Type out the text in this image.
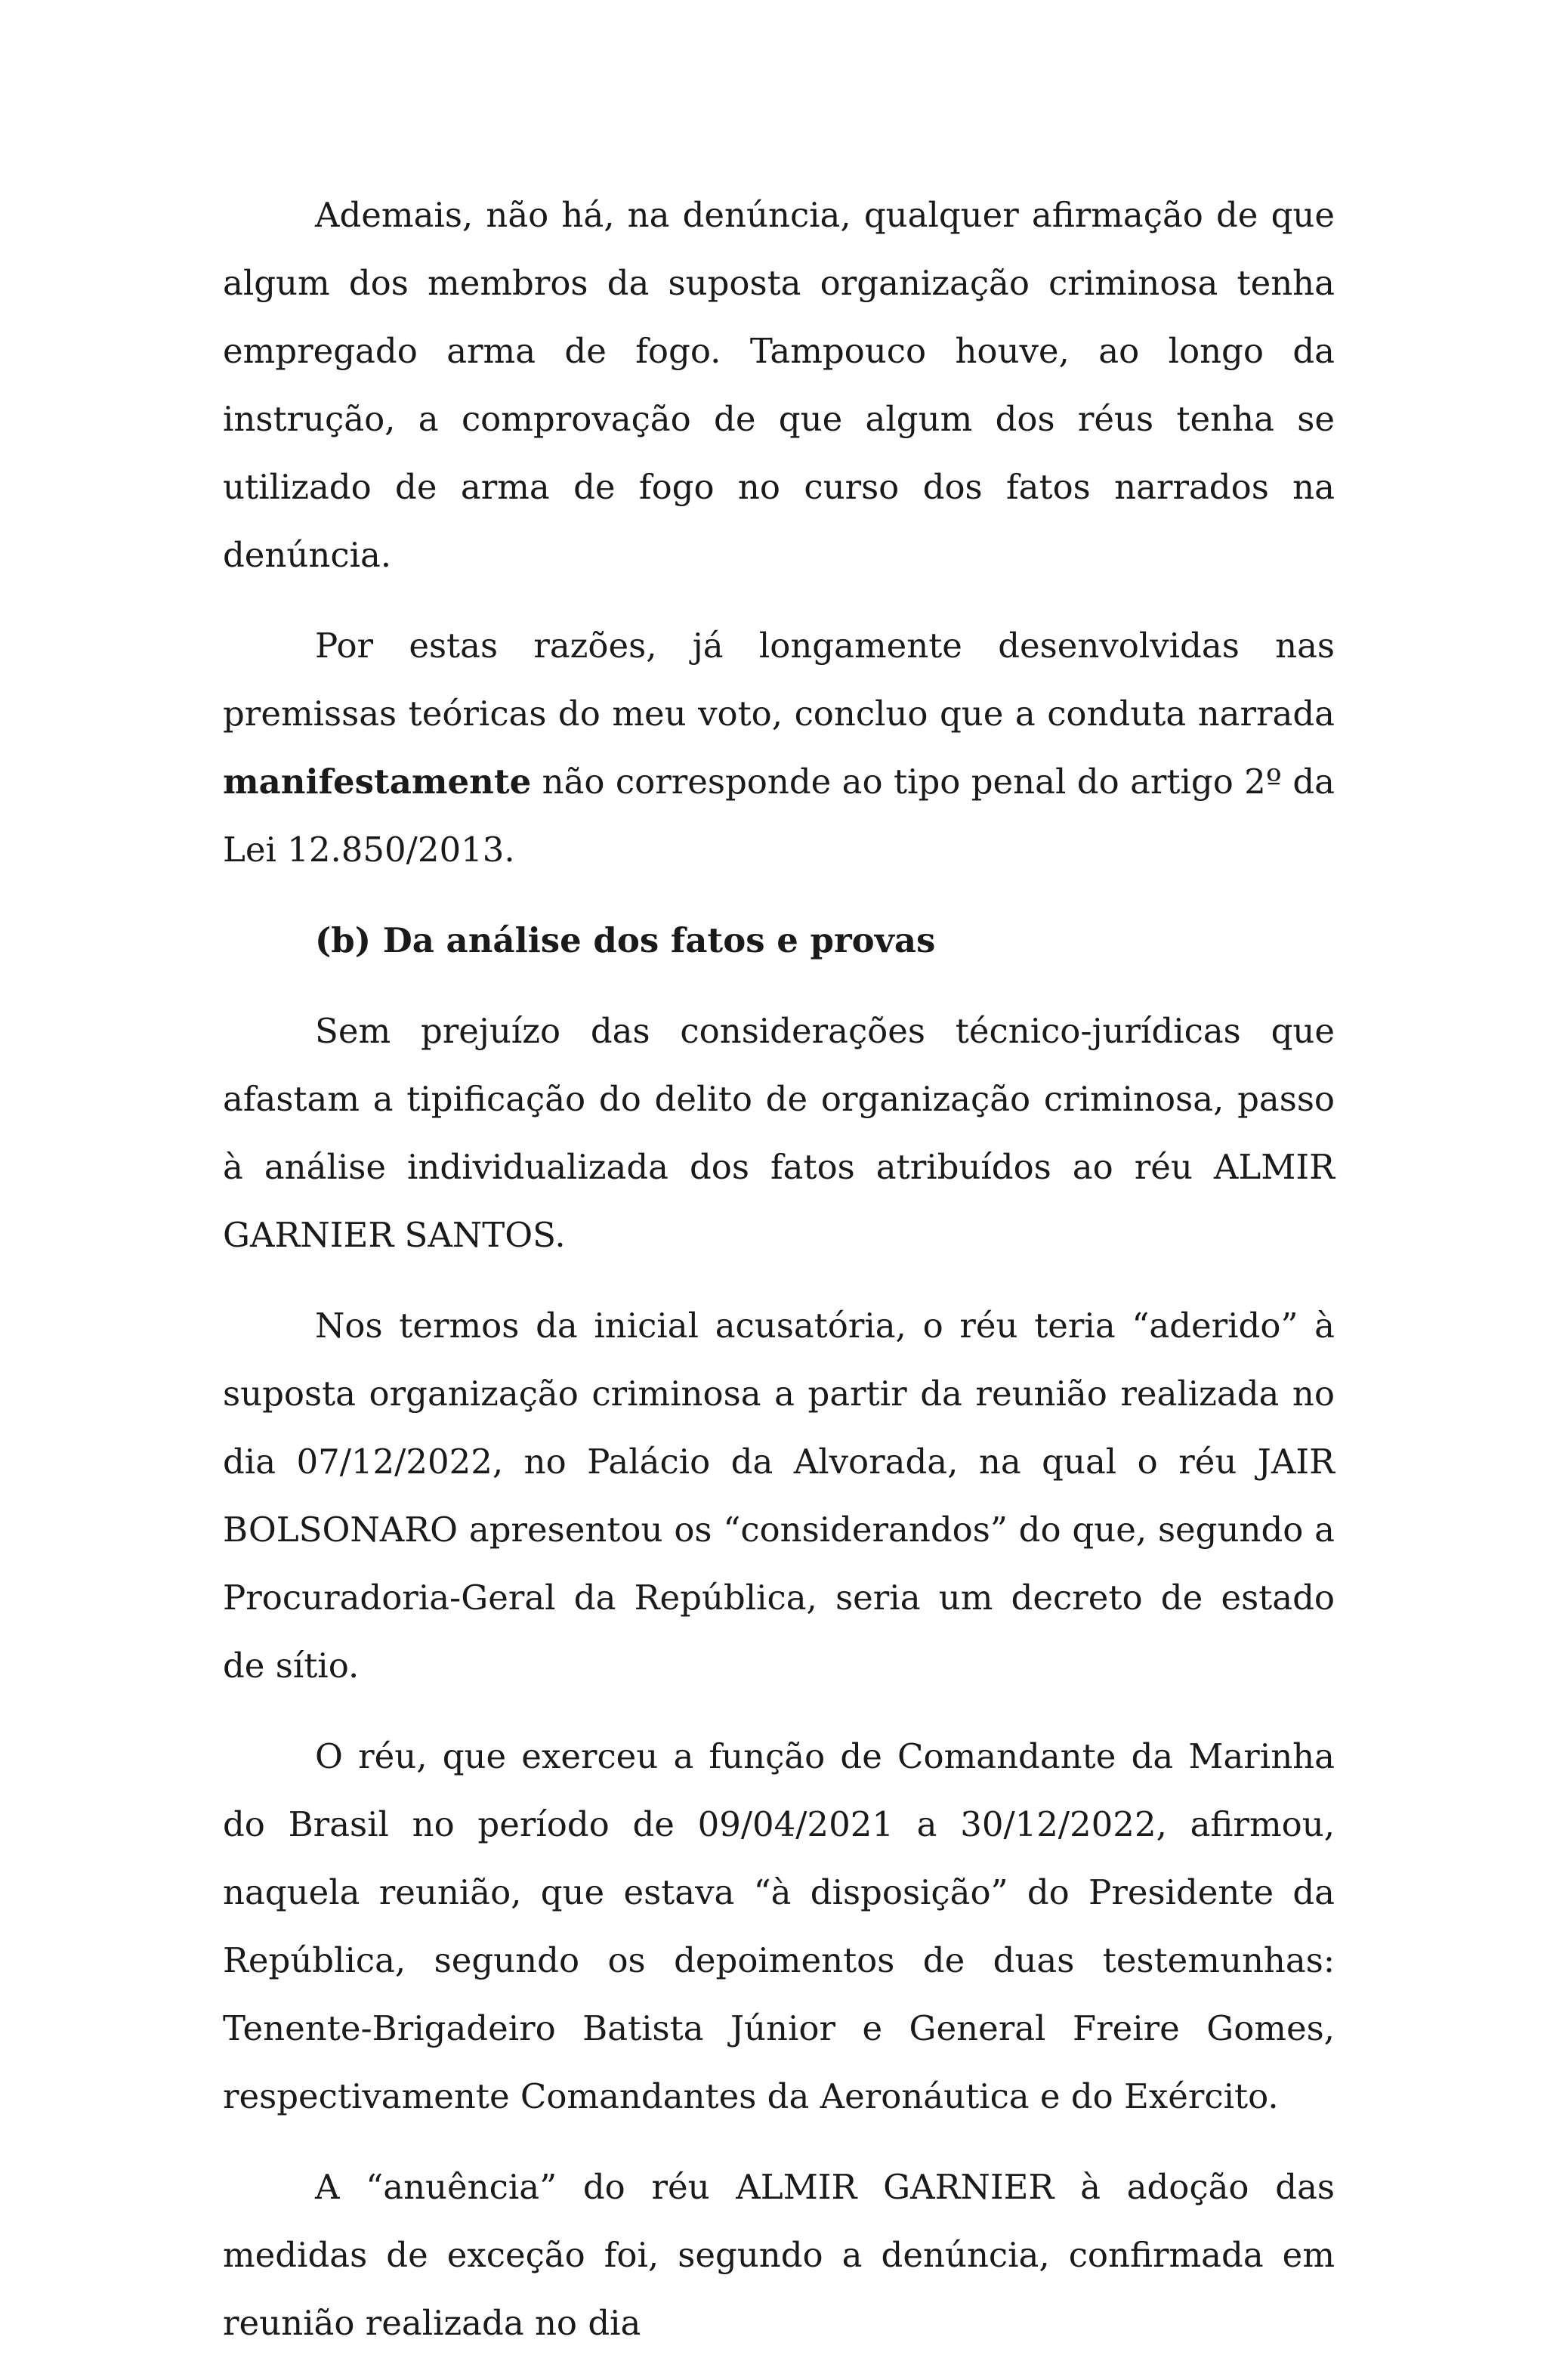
Ademais, não há, na denúncia, qualquer afirmação de que algum dos membros da suposta organização criminosa tenha empregado arma de fogo. Tampouco houve, ao longo da instrução, a comprovação de que algum dos réus tenha se utilizado de arma de fogo no curso dos fatos narrados na denúncia.

Por estas razões, já longamente desenvolvidas nas premissas teóricas do meu voto, concluo que a conduta narrada manifestamente não corresponde ao tipo penal do artigo 2º da Lei 12.850/2013.

(b) Da análise dos fatos e provas

Sem prejuízo das considerações técnico-jurídicas que afastam a tipificação do delito de organização criminosa, passo à análise individualizada dos fatos atribuídos ao réu ALMIR GARNIER SANTOS.

Nos termos da inicial acusatória, o réu teria “aderido” à suposta organização criminosa a partir da reunião realizada no dia 07/12/2022, no Palácio da Alvorada, na qual o réu JAIR BOLSONARO apresentou os “considerandos” do que, segundo a Procuradoria-Geral da República, seria um decreto de estado de sítio.

O réu, que exerceu a função de Comandante da Marinha do Brasil no período de 09/04/2021 a 30/12/2022, afirmou, naquela reunião, que estava “à disposição” do Presidente da República, segundo os depoimentos de duas testemunhas: Tenente-Brigadeiro Batista Júnior e General Freire Gomes, respectivamente Comandantes da Aeronáutica e do Exército.

A “anuência” do réu ALMIR GARNIER à adoção das medidas de exceção foi, segundo a denúncia, confirmada em reunião realizada no dia
